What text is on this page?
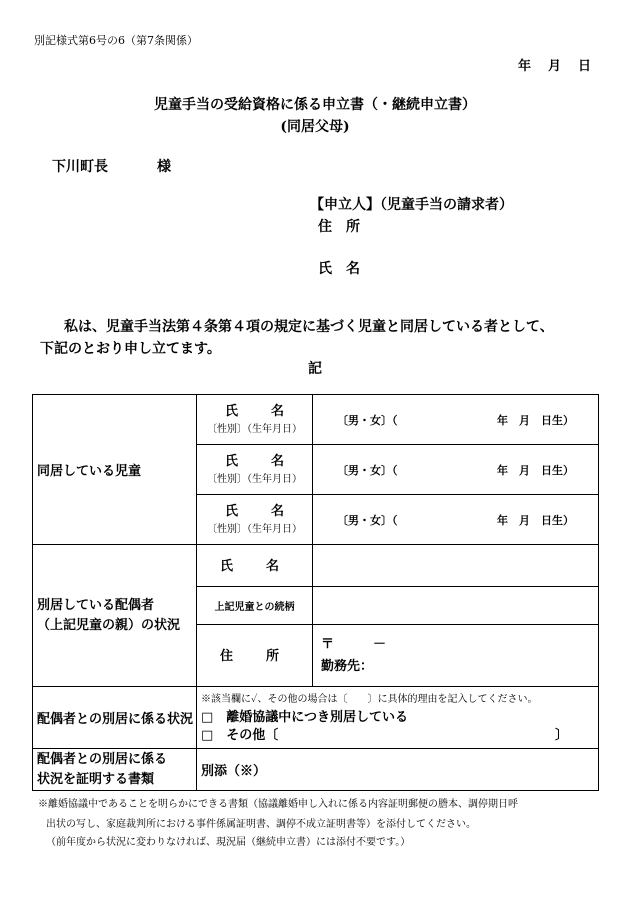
別記様式第6号の6（第7条関係）
年　月　日
児童手当の受給資格に係る申立書（・継続申立書）
(同居父母)
下川町長	様
【申立人】（児童手当の請求者）
住　所
氏　名
私は、児童手当法第４条第４項の規定に基づく児童と同居している者として、
下記のとおり申し立てます。
記
同居している児童	氏　名
〔性別〕（生年月日）	〔男・女〕（ 年　月　日生）

	氏　名
〔性別〕（生年月日）	〔男・女〕（ 年　月　日生）

	氏　名
〔性別〕（生年月日）	〔男・女〕（ 年　月　日生）

別居している配偶者
（上記児童の親）の状況	氏　名	
	上記児童との続柄	
	住　所	〒　　　－
勤務先：

配偶者との別居に係る状況	※該当欄に✓、その他の場合は〔　　〕に具体的理由を記入してください。
□　離婚協議中につき別居している
□　その他〔 〕	

配偶者との別居に係る
状況を証明する書類	別添（※）	
※離婚協議中であることを明らかにできる書類（協議離婚申し入れに係る内容証明郵便の謄本、調停期日呼
出状の写し、家庭裁判所における事件係属証明書、調停不成立証明書等）を添付してください。
（前年度から状況に変わりなければ、現況届（継続申立書）には添付不要です。）
